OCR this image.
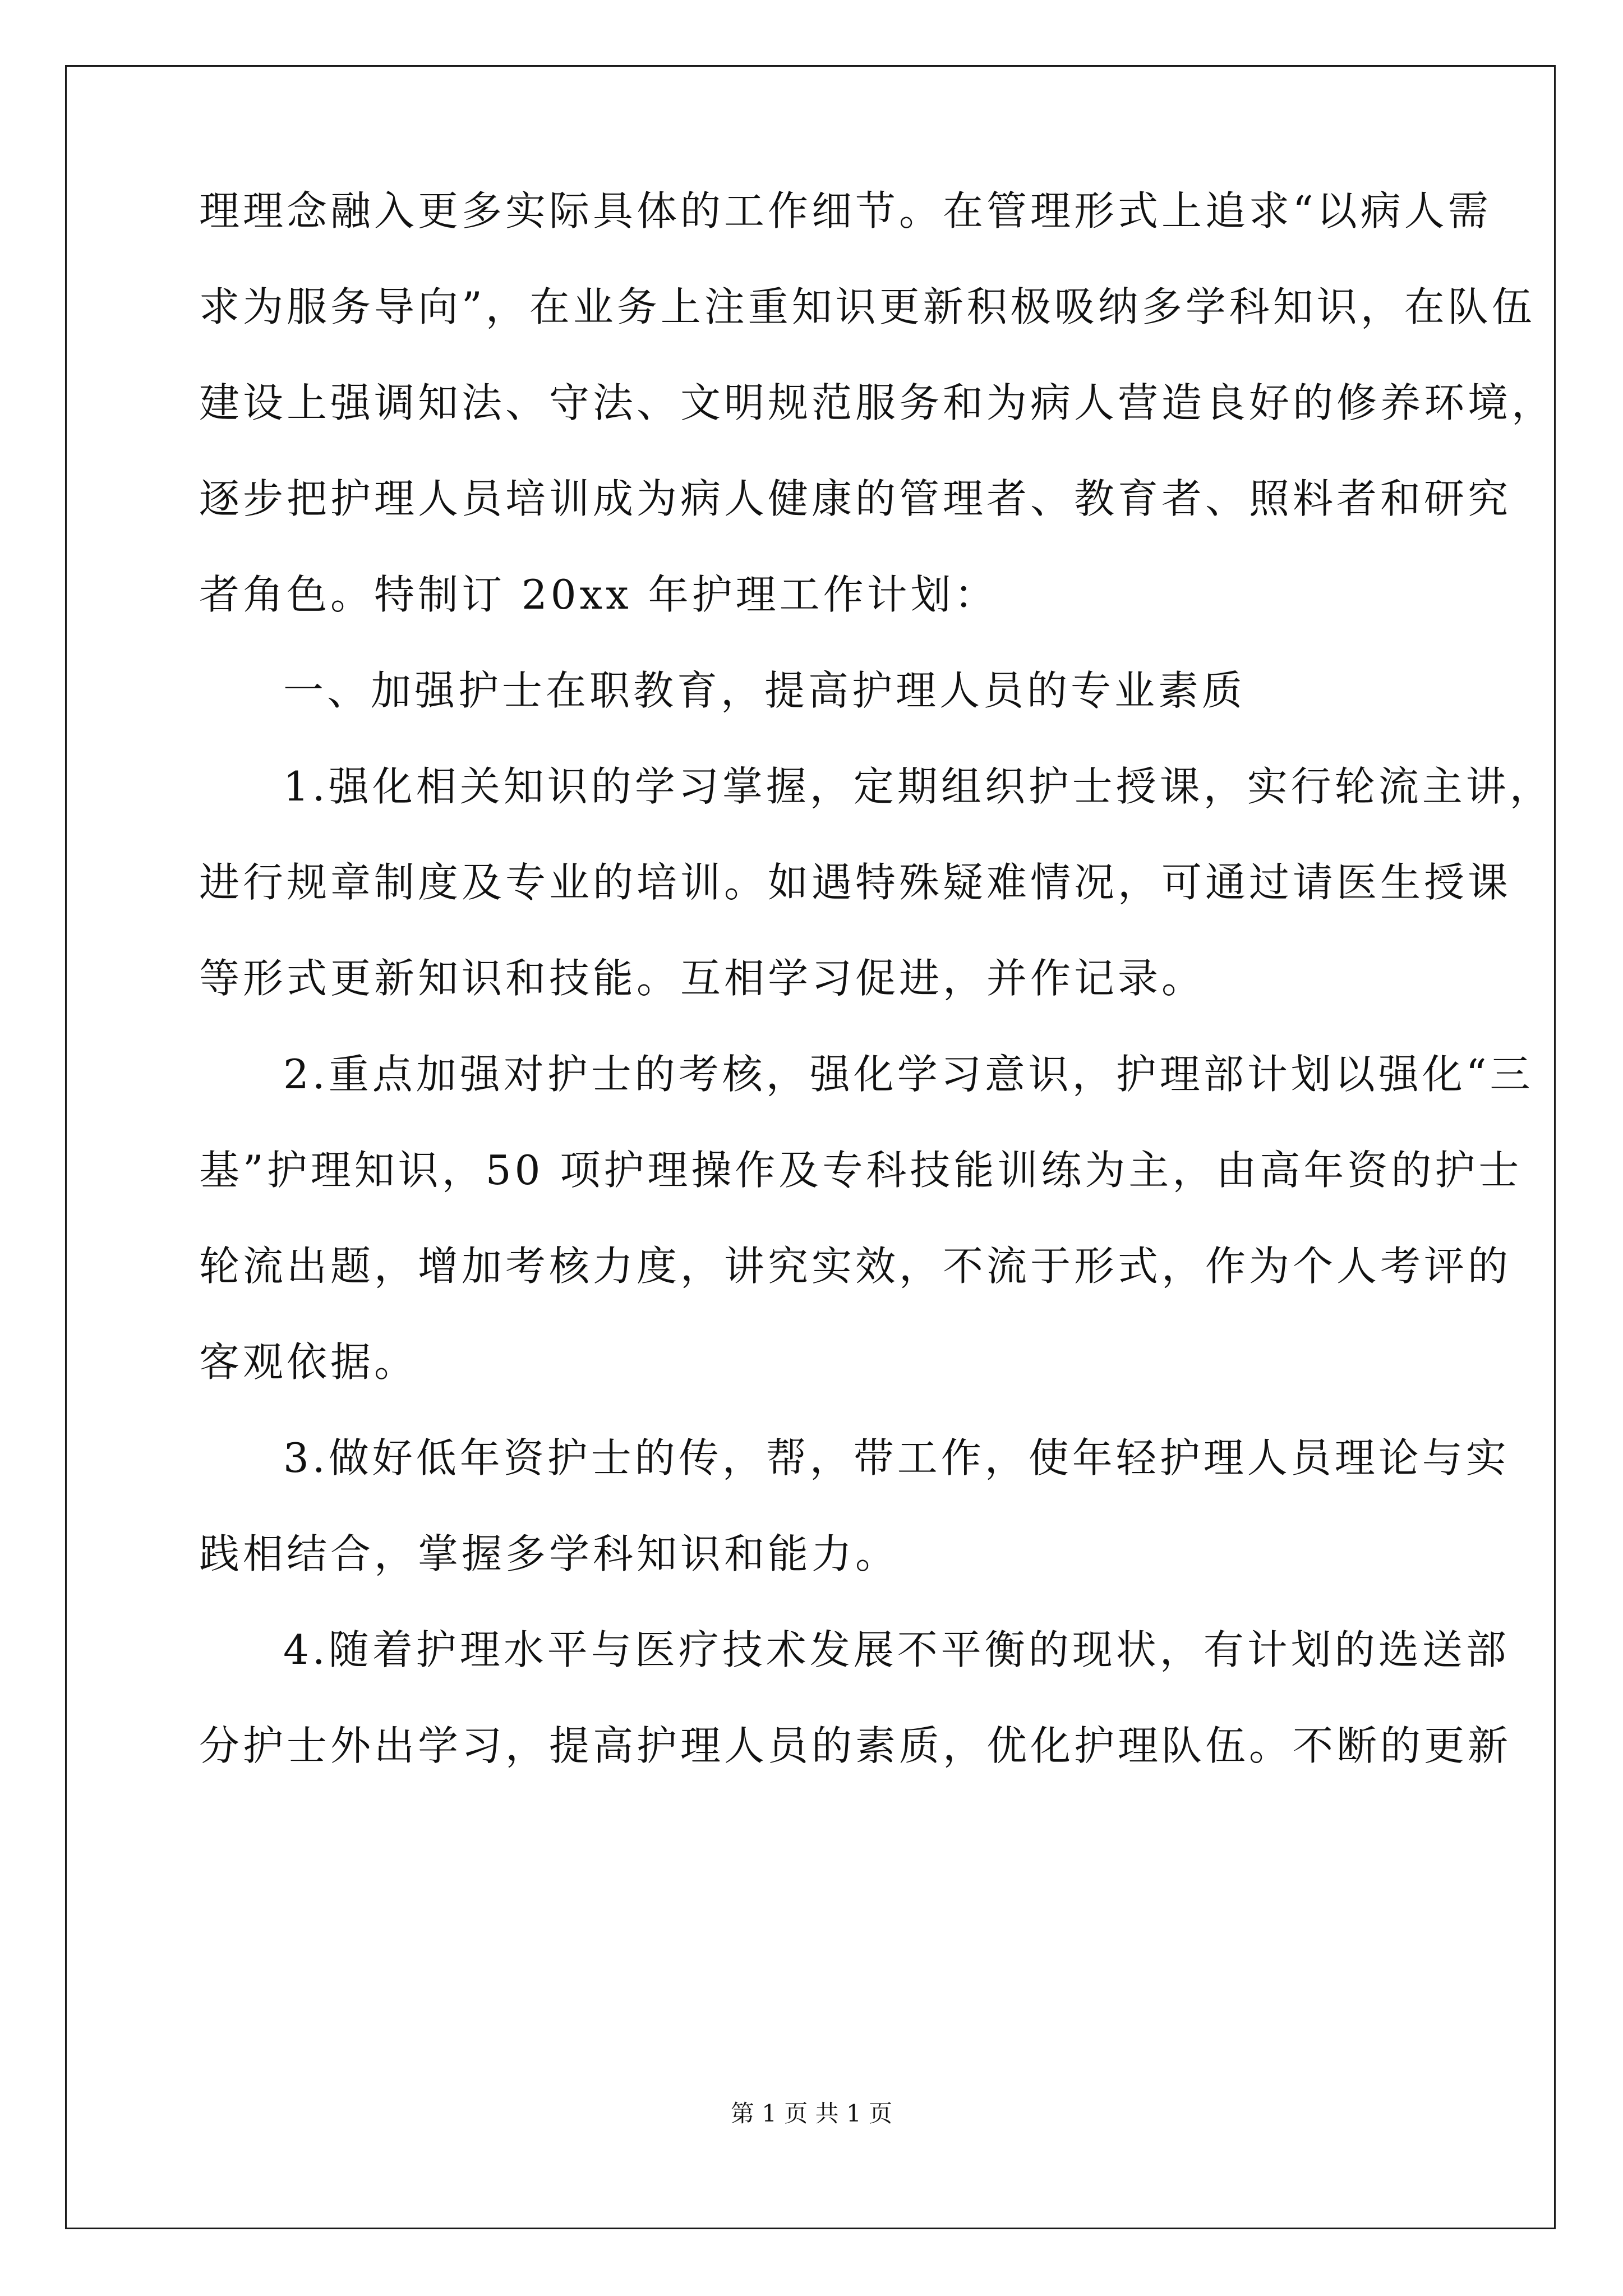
理理念融入更多实际具体的工作细节。在管理形式上追求“以病人需
求为服务导向”，在业务上注重知识更新积极吸纳多学科知识，在队伍
建设上强调知法、守法、文明规范服务和为病人营造良好的修养环境，
逐步把护理人员培训成为病人健康的管理者、教育者、照料者和研究
者角色。特制订 20xx 年护理工作计划：
一、加强护士在职教育，提高护理人员的专业素质
1.强化相关知识的学习掌握，定期组织护士授课，实行轮流主讲，
进行规章制度及专业的培训。如遇特殊疑难情况，可通过请医生授课
等形式更新知识和技能。互相学习促进，并作记录。
2.重点加强对护士的考核，强化学习意识，护理部计划以强化“三
基”护理知识，50 项护理操作及专科技能训练为主，由高年资的护士
轮流出题，增加考核力度，讲究实效，不流于形式，作为个人考评的
客观依据。
3.做好低年资护士的传，帮，带工作，使年轻护理人员理论与实
践相结合，掌握多学科知识和能力。
4.随着护理水平与医疗技术发展不平衡的现状，有计划的选送部
分护士外出学习，提高护理人员的素质，优化护理队伍。不断的更新
第 1 页 共 1 页
